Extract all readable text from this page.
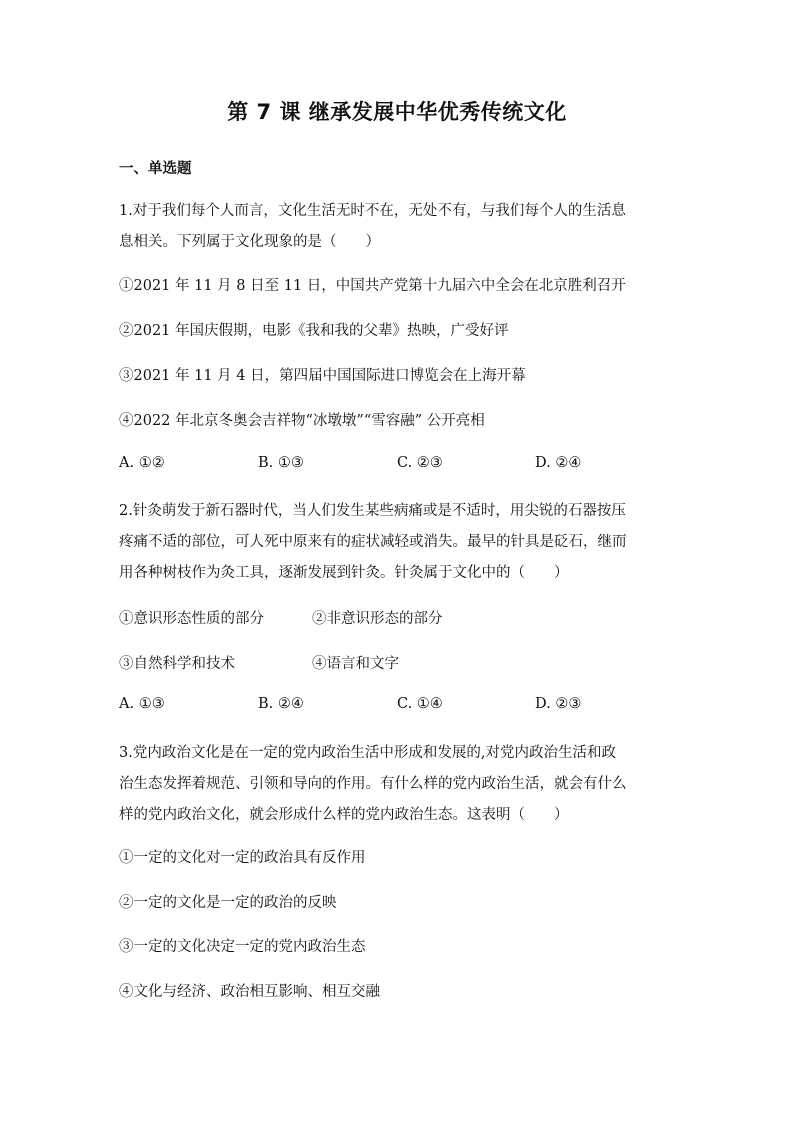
第 7 课 继承发展中华优秀传统文化
一、单选题
1.对于我们每个人而言，文化生活无时不在，无处不有，与我们每个人的生活息
息相关。下列属于文化现象的是（　　）
①2021 年 11 月 8 日至 11 日，中国共产党第十九届六中全会在北京胜利召开
②2021 年国庆假期，电影《我和我的父辈》热映，广受好评
③2021 年 11 月 4 日，第四届中国国际进口博览会在上海开幕
④2022 年北京冬奥会吉祥物“冰墩墩”“雪容融” 公开亮相
A. ①②	B. ①③	C. ②③	D. ②④
2.针灸萌发于新石器时代，当人们发生某些病痛或是不适时，用尖锐的石器按压
疼痛不适的部位，可人死中原来有的症状减轻或消失。最早的针具是砭石，继而
用各种树枝作为灸工具，逐渐发展到针灸。针灸属于文化中的（　　）
①意识形态性质的部分	②非意识形态的部分
③自然科学和技术	④语言和文字
A. ①③	B. ②④	C. ①④	D. ②③
3.党内政治文化是在一定的党内政治生活中形成和发展的,对党内政治生活和政
治生态发挥着规范、引领和导向的作用。有什么样的党内政治生活，就会有什么
样的党内政治文化，就会形成什么样的党内政治生态。这表明（　　）
①一定的文化对一定的政治具有反作用
②一定的文化是一定的政治的反映
③一定的文化决定一定的党内政治生态
④文化与经济、政治相互影响、相互交融
